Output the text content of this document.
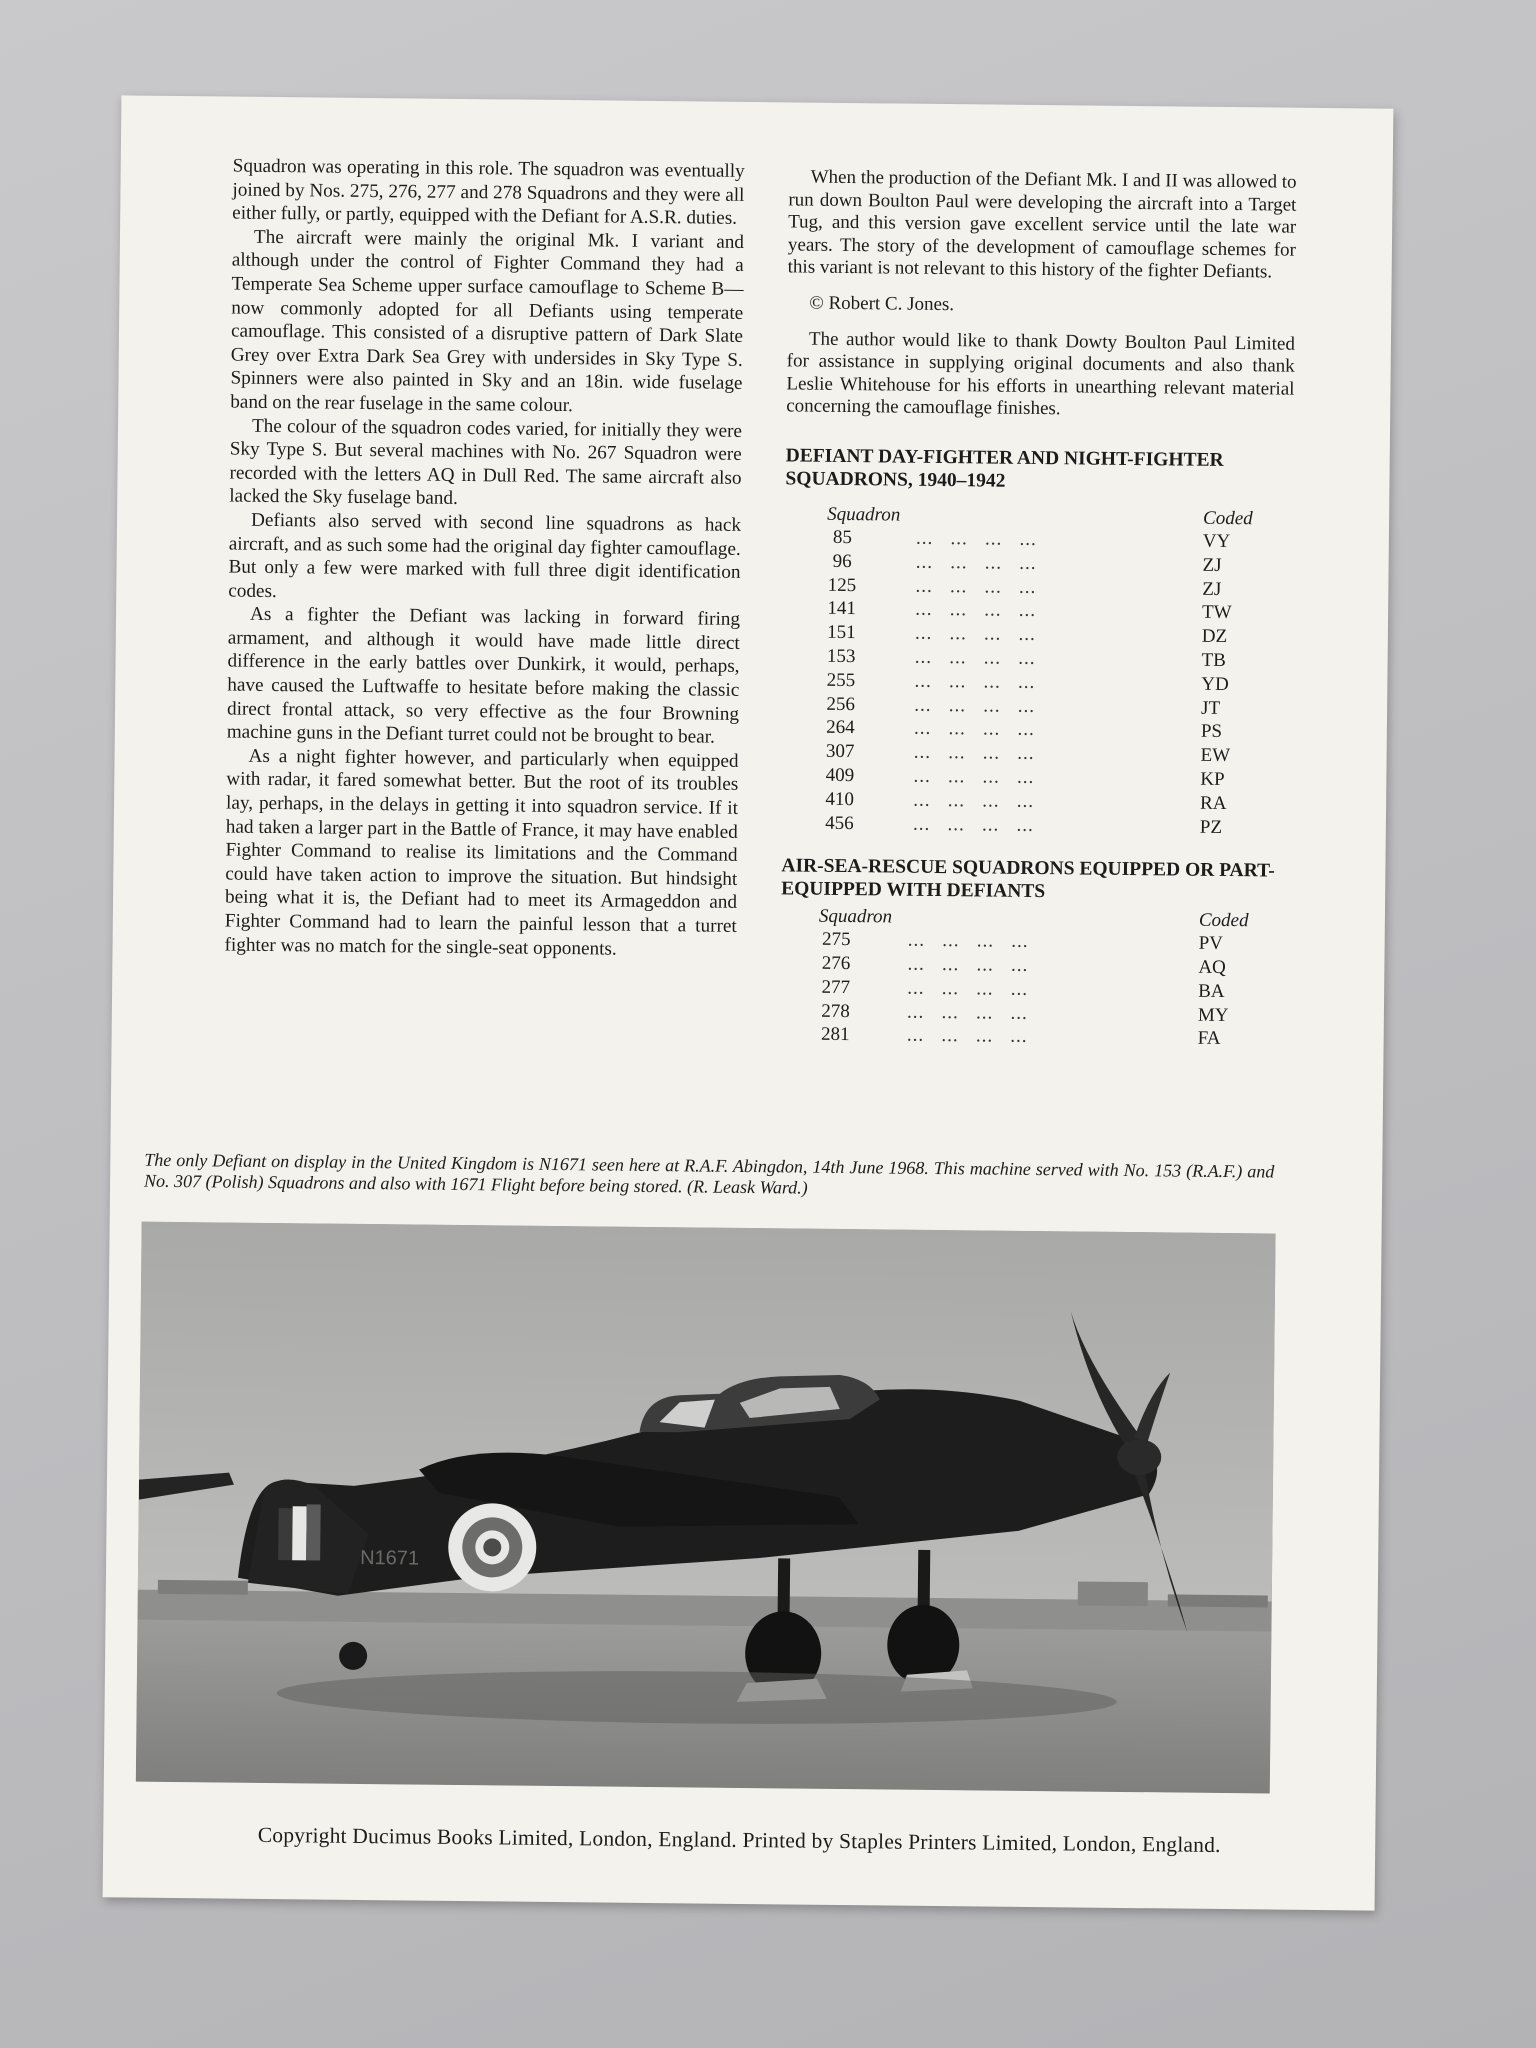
Squadron was operating in this role. The squadron was eventually joined by Nos. 275, 276, 277 and 278 Squadrons and they were all either fully, or partly, equipped with the Defiant for A.S.R. duties.

The aircraft were mainly the original Mk. I variant and although under the control of Fighter Command they had a Temperate Sea Scheme upper surface camouflage to Scheme B—now commonly adopted for all Defiants using temperate camouflage. This consisted of a disruptive pattern of Dark Slate Grey over Extra Dark Sea Grey with undersides in Sky Type S. Spinners were also painted in Sky and an 18in. wide fuselage band on the rear fuselage in the same colour.

The colour of the squadron codes varied, for initially they were Sky Type S. But several machines with No. 267 Squadron were recorded with the letters AQ in Dull Red. The same aircraft also lacked the Sky fuselage band.

Defiants also served with second line squadrons as hack aircraft, and as such some had the original day fighter camouflage. But only a few were marked with full three digit identification codes.

As a fighter the Defiant was lacking in forward firing armament, and although it would have made little direct difference in the early battles over Dunkirk, it would, perhaps, have caused the Luftwaffe to hesitate before making the classic direct frontal attack, so very effective as the four Browning machine guns in the Defiant turret could not be brought to bear.

As a night fighter however, and particularly when equipped with radar, it fared somewhat better. But the root of its troubles lay, perhaps, in the delays in getting it into squadron service. If it had taken a larger part in the Battle of France, it may have enabled Fighter Command to realise its limitations and the Command could have taken action to improve the situation. But hindsight being what it is, the Defiant had to meet its Armageddon and Fighter Command had to learn the painful lesson that a turret fighter was no match for the single-seat opponents.

When the production of the Defiant Mk. I and II was allowed to run down Boulton Paul were developing the aircraft into a Target Tug, and this version gave excellent service until the late war years. The story of the development of camouflage schemes for this variant is not relevant to this history of the fighter Defiants.

© Robert C. Jones.

The author would like to thank Dowty Boulton Paul Limited for assistance in supplying original documents and also thank Leslie Whitehouse for his efforts in unearthing relevant material concerning the camouflage finishes.

DEFIANT DAY-FIGHTER AND NIGHT-FIGHTER SQUADRONS, 1940–1942
Squadron		Coded
85	...   ...   ...   ...	VY
96	...   ...   ...   ...	ZJ
125	...   ...   ...   ...	ZJ
141	...   ...   ...   ...	TW
151	...   ...   ...   ...	DZ
153	...   ...   ...   ...	TB
255	...   ...   ...   ...	YD
256	...   ...   ...   ...	JT
264	...   ...   ...   ...	PS
307	...   ...   ...   ...	EW
409	...   ...   ...   ...	KP
410	...   ...   ...   ...	RA
456	...   ...   ...   ...	PZ
AIR-SEA-RESCUE SQUADRONS EQUIPPED OR PART-EQUIPPED WITH DEFIANTS
Squadron		Coded
275	...   ...   ...   ...	PV
276	...   ...   ...   ...	AQ
277	...   ...   ...   ...	BA
278	...   ...   ...   ...	MY
281	...   ...   ...   ...	FA
The only Defiant on display in the United Kingdom is N1671 seen here at R.A.F. Abingdon, 14th June 1968. This machine served with No. 153 (R.A.F.) and No. 307 (Polish) Squadrons and also with 1671 Flight before being stored. (R. Leask Ward.)
N1671
Copyright Ducimus Books Limited, London, England. Printed by Staples Printers Limited, London, England.
